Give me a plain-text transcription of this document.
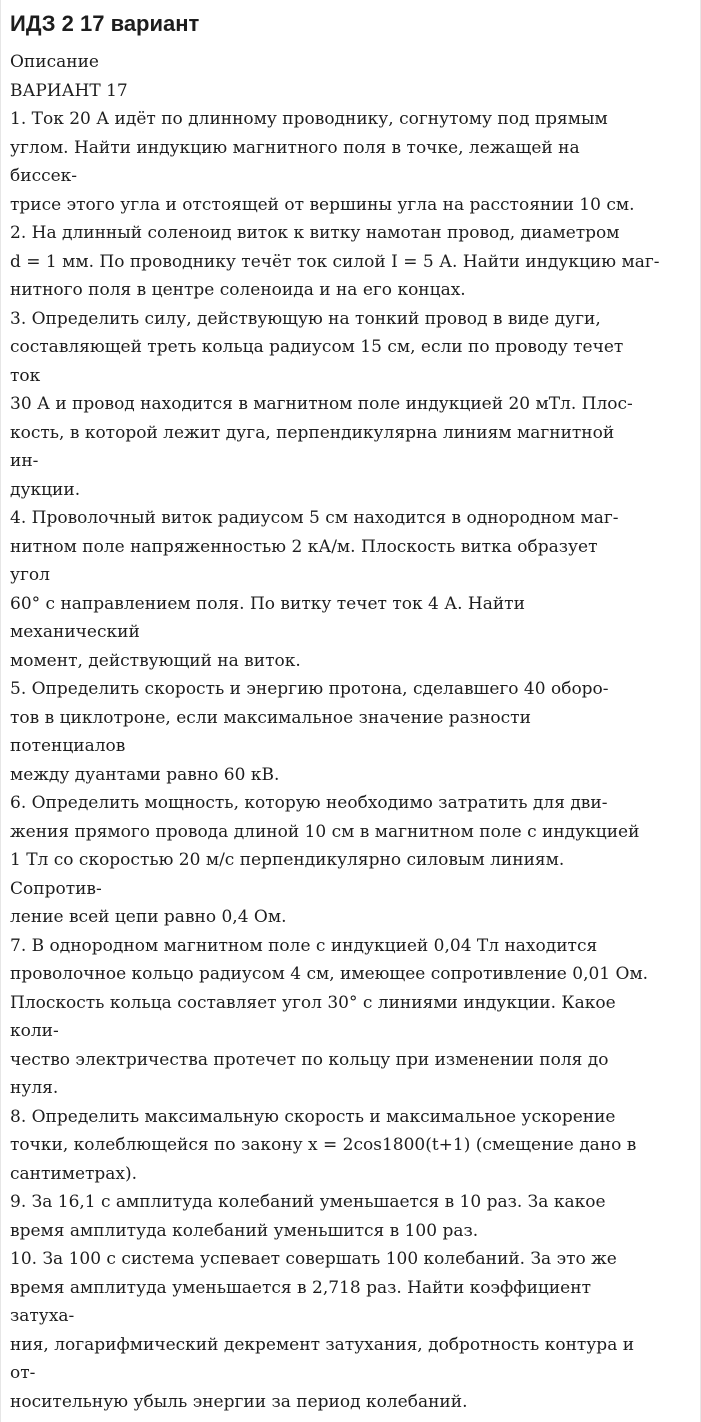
ИДЗ 2 17 вариант

Описание

ВАРИАНТ 17

1. Ток 20 А идёт по длинному проводнику, согнутому под прямым

углом. Найти индукцию магнитного поля в точке, лежащей на

биссек-

трисе этого угла и отстоящей от вершины угла на расстоянии 10 см.

2. На длинный соленоид виток к витку намотан провод, диаметром

d = 1 мм. По проводнику течёт ток силой I = 5 А. Найти индукцию маг-

нитного поля в центре соленоида и на его концах.

3. Определить силу, действующую на тонкий провод в виде дуги,

составляющей треть кольца радиусом 15 см, если по проводу течет

ток

30 А и провод находится в магнитном поле индукцией 20 мТл. Плос-

кость, в которой лежит дуга, перпендикулярна линиям магнитной

ин-

дукции.

4. Проволочный виток радиусом 5 см находится в однородном маг-

нитном поле напряженностью 2 кА/м. Плоскость витка образует

угол

60° с направлением поля. По витку течет ток 4 А. Найти

механический

момент, действующий на виток.

5. Определить скорость и энергию протона, сделавшего 40 оборо-

тов в циклотроне, если максимальное значение разности

потенциалов

между дуантами равно 60 кВ.

6. Определить мощность, которую необходимо затратить для дви-

жения прямого провода длиной 10 см в магнитном поле с индукцией

1 Тл со скоростью 20 м/с перпендикулярно силовым линиям.

Сопротив-

ление всей цепи равно 0,4 Ом.

7. В однородном магнитном поле с индукцией 0,04 Тл находится

проволочное кольцо радиусом 4 см, имеющее сопротивление 0,01 Ом.

Плоскость кольца составляет угол 30° с линиями индукции. Какое

коли-

чество электричества протечет по кольцу при изменении поля до

нуля.

8. Определить максимальную скорость и максимальное ускорение

точки, колеблющейся по закону x = 2cos1800(t+1) (смещение дано в

сантиметрах).

9. За 16,1 с амплитуда колебаний уменьшается в 10 раз. За какое

время амплитуда колебаний уменьшится в 100 раз.

10. За 100 с система успевает совершать 100 колебаний. За это же

время амплитуда уменьшается в 2,718 раз. Найти коэффициент

затуха-

ния, логарифмический декремент затухания, добротность контура и

от-

носительную убыль энергии за период колебаний.
